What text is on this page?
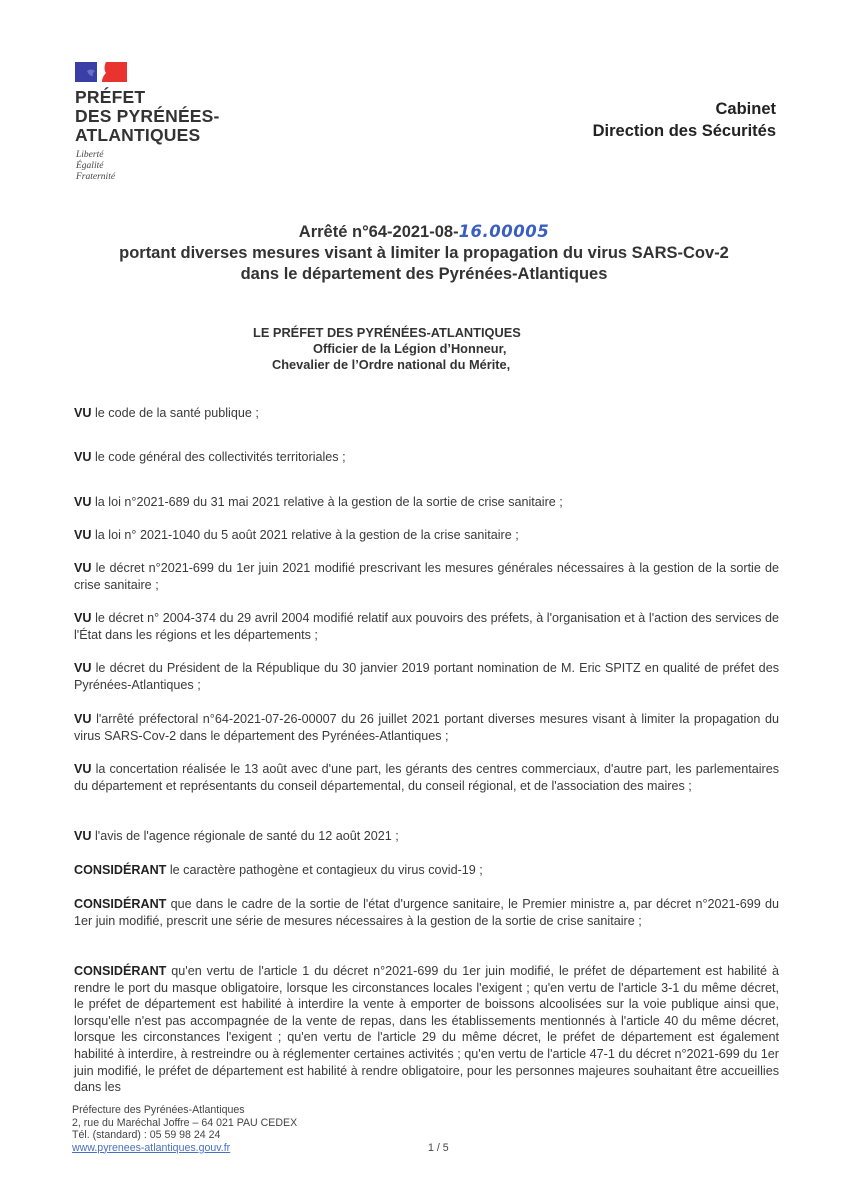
PRÉFET
DES PYRÉNÉES-
ATLANTIQUES
Liberté
Égalité
Fraternité
Cabinet
Direction des Sécurités
Arrêté n°64-2021-08-16.00005
portant diverses mesures visant à limiter la propagation du virus SARS-Cov-2
dans le département des Pyrénées-Atlantiques
LE PRÉFET DES PYRÉNÉES-ATLANTIQUES
Officier de la Légion d’Honneur,
Chevalier de l’Ordre national du Mérite,
VU le code de la santé publique ;
VU le code général des collectivités territoriales ;
VU la loi n°2021-689 du 31 mai 2021 relative à la gestion de la sortie de crise sanitaire ;
VU la loi n° 2021-1040 du 5 août 2021 relative à la gestion de la crise sanitaire ;
VU le décret n°2021-699 du 1er juin 2021 modifié prescrivant les mesures générales nécessaires à la gestion de la sortie de crise sanitaire ;
VU le décret n° 2004-374 du 29 avril 2004 modifié relatif aux pouvoirs des préfets, à l'organisation et à l'action des services de l'État dans les régions et les départements ;
VU le décret du Président de la République du 30 janvier 2019 portant nomination de M. Eric SPITZ en qualité de préfet des Pyrénées-Atlantiques ;
VU l'arrêté préfectoral n°64-2021-07-26-00007 du 26 juillet 2021 portant diverses mesures visant à limiter la propagation du virus SARS-Cov-2 dans le département des Pyrénées-Atlantiques ;
VU la concertation réalisée le 13 août avec d'une part, les gérants des centres commerciaux, d'autre part, les parlementaires du département et représentants du conseil départemental, du conseil régional, et de l'association des maires ;
VU l'avis de l'agence régionale de santé du 12 août 2021 ;
CONSIDÉRANT le caractère pathogène et contagieux du virus covid-19 ;
CONSIDÉRANT que dans le cadre de la sortie de l'état d'urgence sanitaire, le Premier ministre a, par décret n°2021-699 du 1er juin modifié, prescrit une série de mesures nécessaires à la gestion de la sortie de crise sanitaire ;
CONSIDÉRANT qu'en vertu de l'article 1 du décret n°2021-699 du 1er juin modifié, le préfet de département est habilité à rendre le port du masque obligatoire, lorsque les circonstances locales l'exigent ; qu'en vertu de l'article 3-1 du même décret, le préfet de département est habilité à interdire la vente à emporter de boissons alcoolisées sur la voie publique ainsi que, lorsqu'elle n'est pas accompagnée de la vente de repas, dans les établissements mentionnés à l'article 40 du même décret, lorsque les circonstances l'exigent ; qu'en vertu de l'article 29 du même décret, le préfet de département est également habilité à interdire, à restreindre ou à réglementer certaines activités ; qu'en vertu de l'article 47-1 du décret n°2021-699 du 1er juin modifié, le préfet de département est habilité à rendre obligatoire, pour les personnes majeures souhaitant être accueillies dans les
Préfecture des Pyrénées-Atlantiques
2, rue du Maréchal Joffre – 64 021 PAU CEDEX
Tél. (standard) : 05 59 98 24 24
www.pyrenees-atlantiques.gouv.fr	1 / 5
